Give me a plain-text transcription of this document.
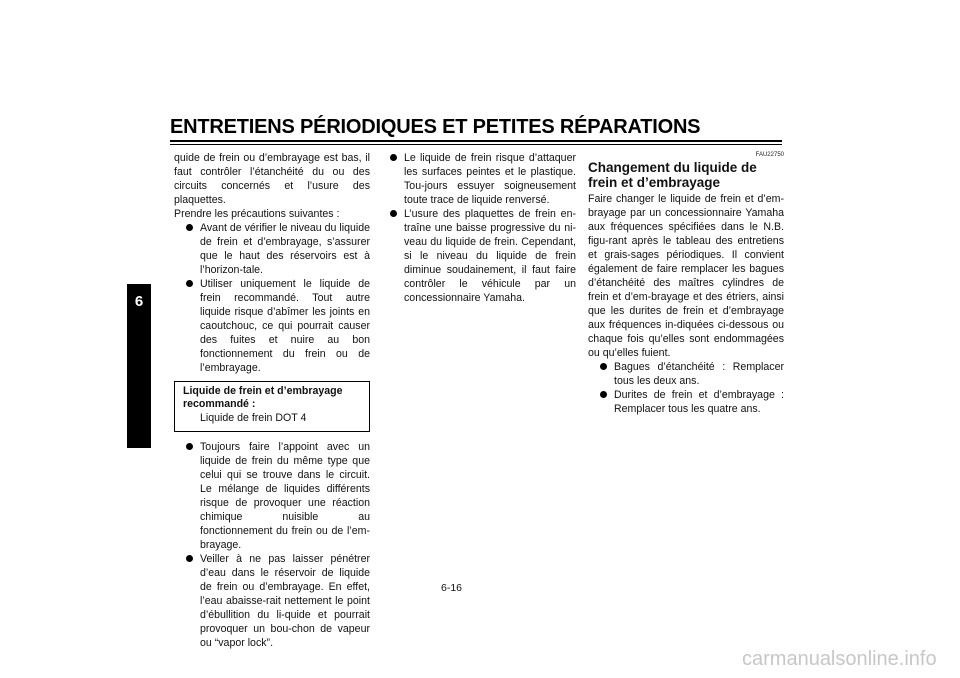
ENTRETIENS PÉRIODIQUES ET PETITES RÉPARATIONS
6

quide de frein ou d’embrayage est bas, il faut contrôler l’étanchéité du ou des circuits concernés et l’usure des plaquettes.

Prendre les précautions suivantes :

Avant de vérifier le niveau du liquide de frein et d’embrayage, s’assurer que le haut des réservoirs est à l’horizon-tale.
Utiliser uniquement le liquide de frein recommandé. Tout autre liquide risque d’abîmer les joints en caoutchouc, ce qui pourrait causer des fuites et nuire au bon fonctionnement du frein ou de l’embrayage.
Liquide de frein et d’embrayage recommandé :
Liquide de frein DOT 4
Toujours faire l’appoint avec un liquide de frein du même type que celui qui se trouve dans le circuit. Le mélange de liquides différents risque de provoquer une réaction chimique nuisible au fonctionnement du frein ou de l’em-brayage.
Veiller à ne pas laisser pénétrer d’eau dans le réservoir de liquide de frein ou d’embrayage. En effet, l’eau abaisse-rait nettement le point d’ébullition du li-quide et pourrait provoquer un bou-chon de vapeur ou “vapor lock”.
Le liquide de frein risque d’attaquer les surfaces peintes et le plastique. Tou-jours essuyer soigneusement toute trace de liquide renversé.
L’usure des plaquettes de frein en-traîne une baisse progressive du ni-veau du liquide de frein. Cependant, si le niveau du liquide de frein diminue soudainement, il faut faire contrôler le véhicule par un concessionnaire Yamaha.
FAU22750
Changement du liquide de frein et d’embrayage

Faire changer le liquide de frein et d’em-brayage par un concessionnaire Yamaha aux fréquences spécifiées dans le N.B. figu-rant après le tableau des entretiens et grais-sages périodiques. Il convient également de faire remplacer les bagues d’étanchéité des maîtres cylindres de frein et d’em-brayage et des étriers, ainsi que les durites de frein et d’embrayage aux fréquences in-diquées ci-dessous ou chaque fois qu’elles sont endommagées ou qu’elles fuient.

Bagues d’étanchéité : Remplacer tous les deux ans.
Durites de frein et d’embrayage : Remplacer tous les quatre ans.
6-16
carmanualsonline.info
